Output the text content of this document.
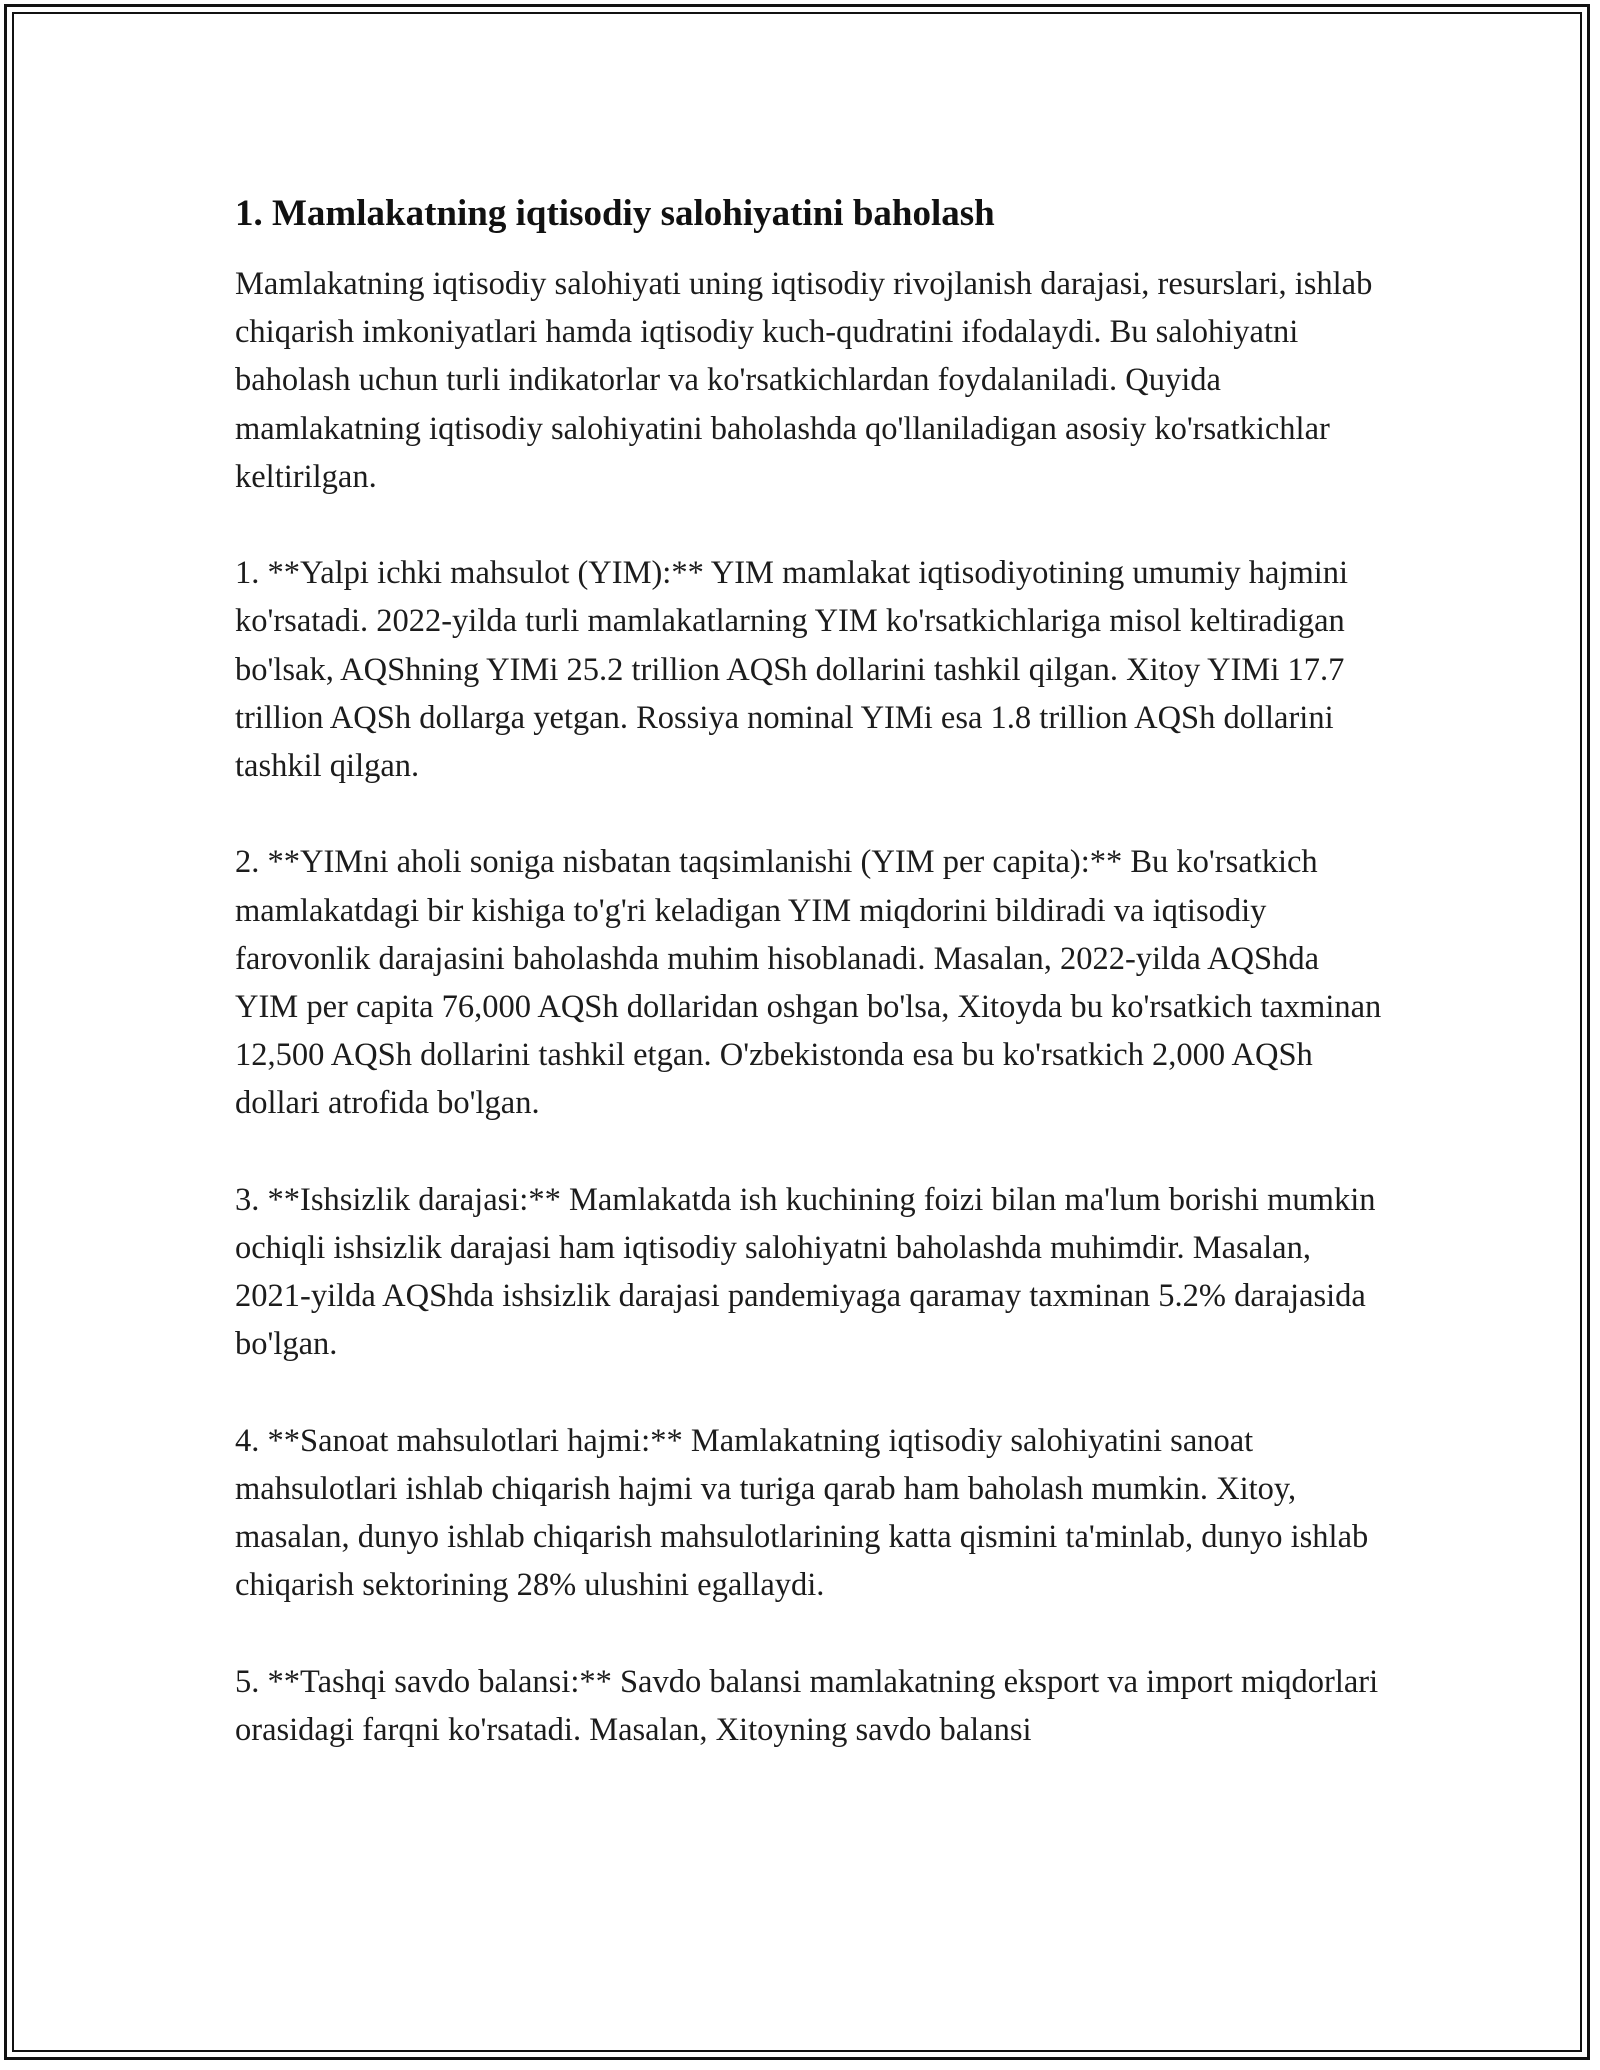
1. Mamlakatning iqtisodiy salohiyatini baholash

Mamlakatning iqtisodiy salohiyati uning iqtisodiy rivojlanish darajasi, resurslari, ishlab chiqarish imkoniyatlari hamda iqtisodiy kuch-qudratini ifodalaydi. Bu salohiyatni baholash uchun turli indikatorlar va ko'rsatkichlardan foydalaniladi. Quyida mamlakatning iqtisodiy salohiyatini baholashda qo'llaniladigan asosiy ko'rsatkichlar keltirilgan.

1. **Yalpi ichki mahsulot (YIM):** YIM mamlakat iqtisodiyotining umumiy hajmini ko'rsatadi. 2022-yilda turli mamlakatlarning YIM ko'rsatkichlariga misol keltiradigan bo'lsak, AQShning YIMi 25.2 trillion AQSh dollarini tashkil qilgan. Xitoy YIMi 17.7 trillion AQSh dollarga yetgan. Rossiya nominal YIMi esa 1.8 trillion AQSh dollarini tashkil qilgan.

2. **YIMni aholi soniga nisbatan taqsimlanishi (YIM per capita):** Bu ko'rsatkich mamlakatdagi bir kishiga to'g'ri keladigan YIM miqdorini bildiradi va iqtisodiy farovonlik darajasini baholashda muhim hisoblanadi. Masalan, 2022-yilda AQShda YIM per capita 76,000 AQSh dollaridan oshgan bo'lsa, Xitoyda bu ko'rsatkich taxminan 12,500 AQSh dollarini tashkil etgan. O'zbekistonda esa bu ko'rsatkich 2,000 AQSh dollari atrofida bo'lgan.

3. **Ishsizlik darajasi:** Mamlakatda ish kuchining foizi bilan ma'lum borishi mumkin ochiqli ishsizlik darajasi ham iqtisodiy salohiyatni baholashda muhimdir. Masalan, 2021-yilda AQShda ishsizlik darajasi pandemiyaga qaramay taxminan 5.2% darajasida bo'lgan.

4. **Sanoat mahsulotlari hajmi:** Mamlakatning iqtisodiy salohiyatini sanoat mahsulotlari ishlab chiqarish hajmi va turiga qarab ham baholash mumkin. Xitoy, masalan, dunyo ishlab chiqarish mahsulotlarining katta qismini ta'minlab, dunyo ishlab chiqarish sektorining 28% ulushini egallaydi.

5. **Tashqi savdo balansi:** Savdo balansi mamlakatning eksport va import miqdorlari orasidagi farqni ko'rsatadi. Masalan, Xitoyning savdo balansi
